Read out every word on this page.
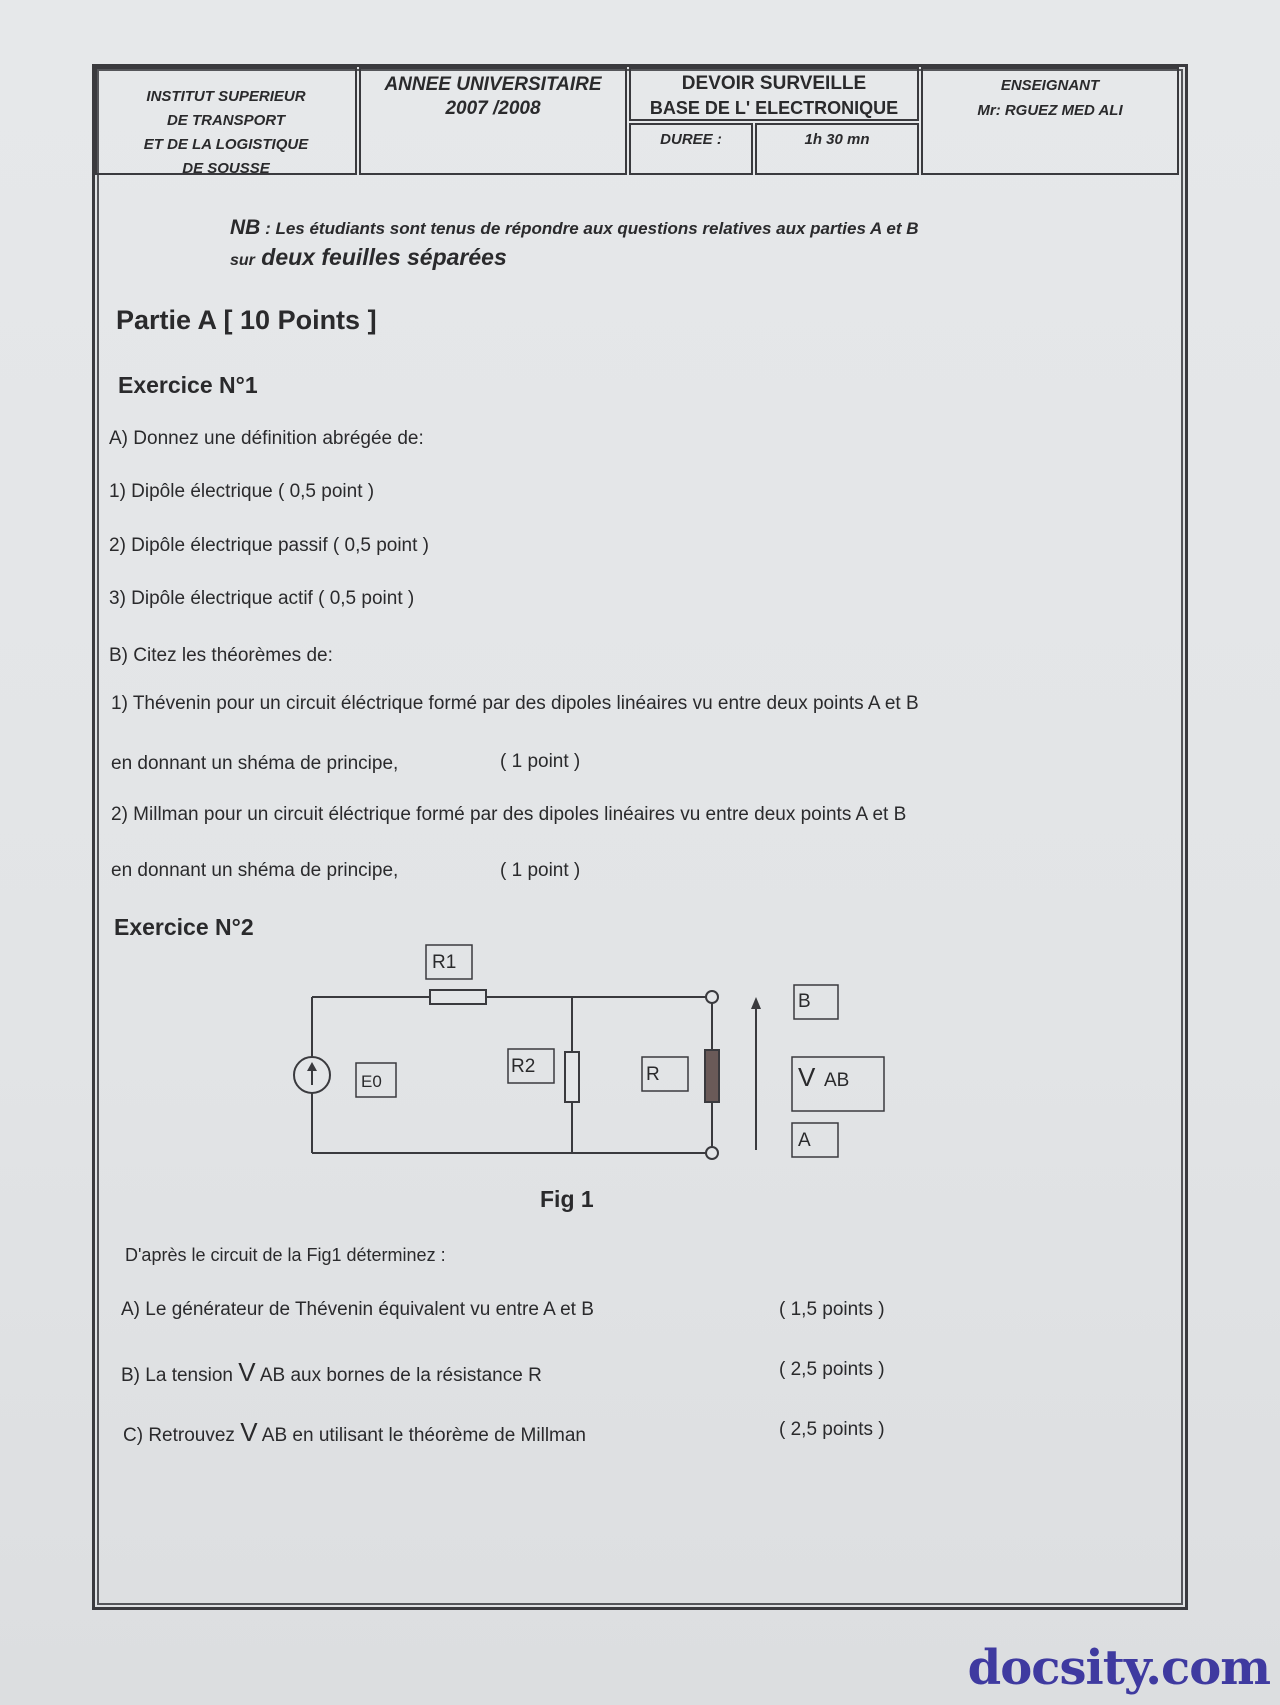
INSTITUT SUPERIEUR
DE TRANSPORT
ET DE LA LOGISTIQUE
DE SOUSSE
ANNEE UNIVERSITAIRE
2007 /2008
DEVOIR SURVEILLE
BASE DE L' ELECTRONIQUE
DUREE :	1h 30 mn
ENSEIGNANT
Mr: RGUEZ MED ALI
NB : Les étudiants sont tenus de répondre aux questions relatives aux parties A et B
sur deux feuilles séparées
Partie A [ 10 Points ]
Exercice N°1
A) Donnez une définition abrégée de:
1) Dipôle électrique ( 0,5 point )
2) Dipôle électrique passif ( 0,5 point )
3) Dipôle électrique actif ( 0,5 point )
B) Citez les théorèmes de:
1) Thévenin pour un circuit éléctrique formé par des dipoles linéaires vu entre deux points A et B
en donnant un shéma de principe,	( 1 point )
2) Millman pour un circuit éléctrique formé par des dipoles linéaires vu entre deux points A et B
en donnant un shéma de principe,	( 1 point )
Exercice N°2
R1
R2	R
E0
B
V AB
A
Fig 1
D'après le circuit de la Fig1 déterminez :
A) Le générateur de Thévenin équivalent vu entre A et B	( 1,5 points )
B) La tension V AB aux bornes de la résistance R	( 2,5 points )
C) Retrouvez V AB en utilisant le théorème de Millman	( 2,5 points )
docsity.com
